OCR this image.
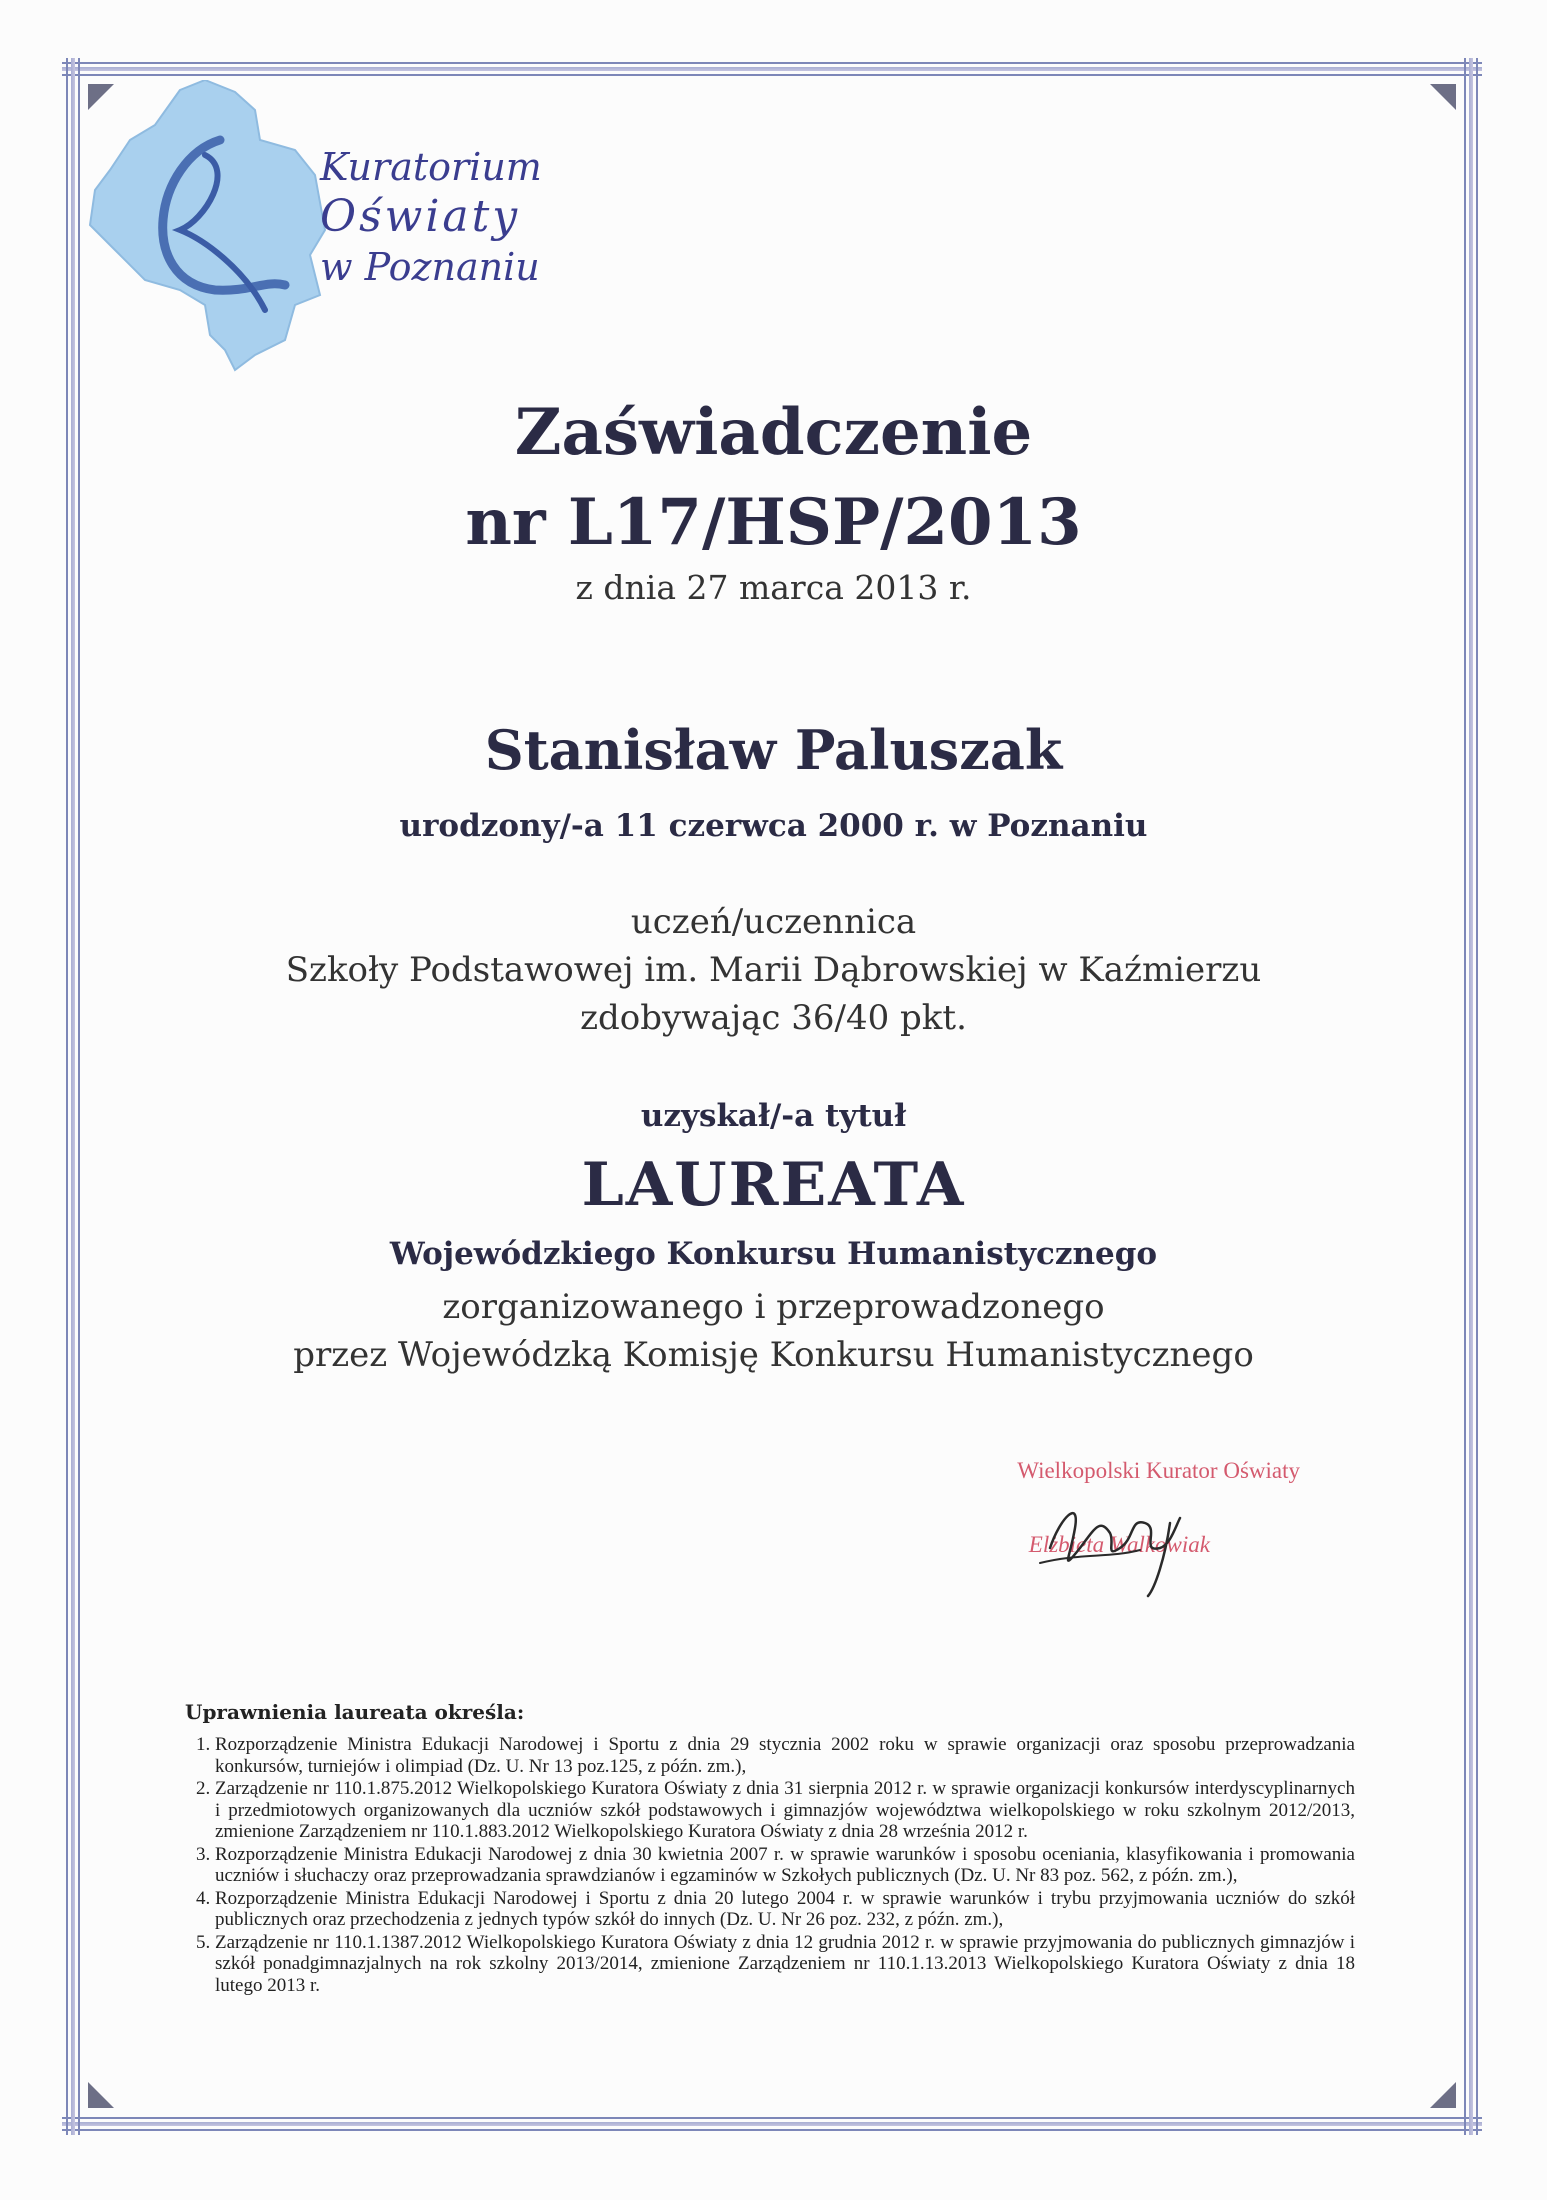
Kuratorium
Oświaty
w Poznaniu
Zaświadczenie
nr L17/HSP/2013
z dnia 27 marca 2013 r.
Stanisław Paluszak
urodzony/-a 11 czerwca 2000 r. w Poznaniu
uczeń/uczennica
Szkoły Podstawowej im. Marii Dąbrowskiej w Kaźmierzu
zdobywając 36/40 pkt.
uzyskał/-a tytuł
LAUREATA
Wojewódzkiego Konkursu Humanistycznego
zorganizowanego i przeprowadzonego
przez Wojewódzką Komisję Konkursu Humanistycznego
Wielkopolski Kurator Oświaty
Elżbieta Walkowiak
Uprawnienia laureata określa:
1. Rozporządzenie Ministra Edukacji Narodowej i Sportu z dnia 29 stycznia 2002 roku w sprawie organizacji oraz sposobu przeprowadzania konkursów, turniejów i olimpiad (Dz. U. Nr 13 poz.125, z późn. zm.),
2. Zarządzenie nr 110.1.875.2012 Wielkopolskiego Kuratora Oświaty z dnia 31 sierpnia 2012 r. w sprawie organizacji konkursów interdyscyplinarnych i przedmiotowych organizowanych dla uczniów szkół podstawowych i gimnazjów województwa wielkopolskiego w roku szkolnym 2012/2013, zmienione Zarządzeniem nr 110.1.883.2012 Wielkopolskiego Kuratora Oświaty z dnia 28 września 2012 r.
3. Rozporządzenie Ministra Edukacji Narodowej z dnia 30 kwietnia 2007 r. w sprawie warunków i sposobu oceniania, klasyfikowania i promowania uczniów i słuchaczy oraz przeprowadzania sprawdzianów i egzaminów w Szkołych publicznych (Dz. U. Nr 83 poz. 562, z późn. zm.),
4. Rozporządzenie Ministra Edukacji Narodowej i Sportu z dnia 20 lutego 2004 r. w sprawie warunków i trybu przyjmowania uczniów do szkół publicznych oraz przechodzenia z jednych typów szkół do innych (Dz. U. Nr 26 poz. 232, z późn. zm.),
5. Zarządzenie nr 110.1.1387.2012 Wielkopolskiego Kuratora Oświaty z dnia 12 grudnia 2012 r. w sprawie przyjmowania do publicznych gimnazjów i szkół ponadgimnazjalnych na rok szkolny 2013/2014, zmienione Zarządzeniem nr 110.1.13.2013 Wielkopolskiego Kuratora Oświaty z dnia 18 lutego 2013 r.
